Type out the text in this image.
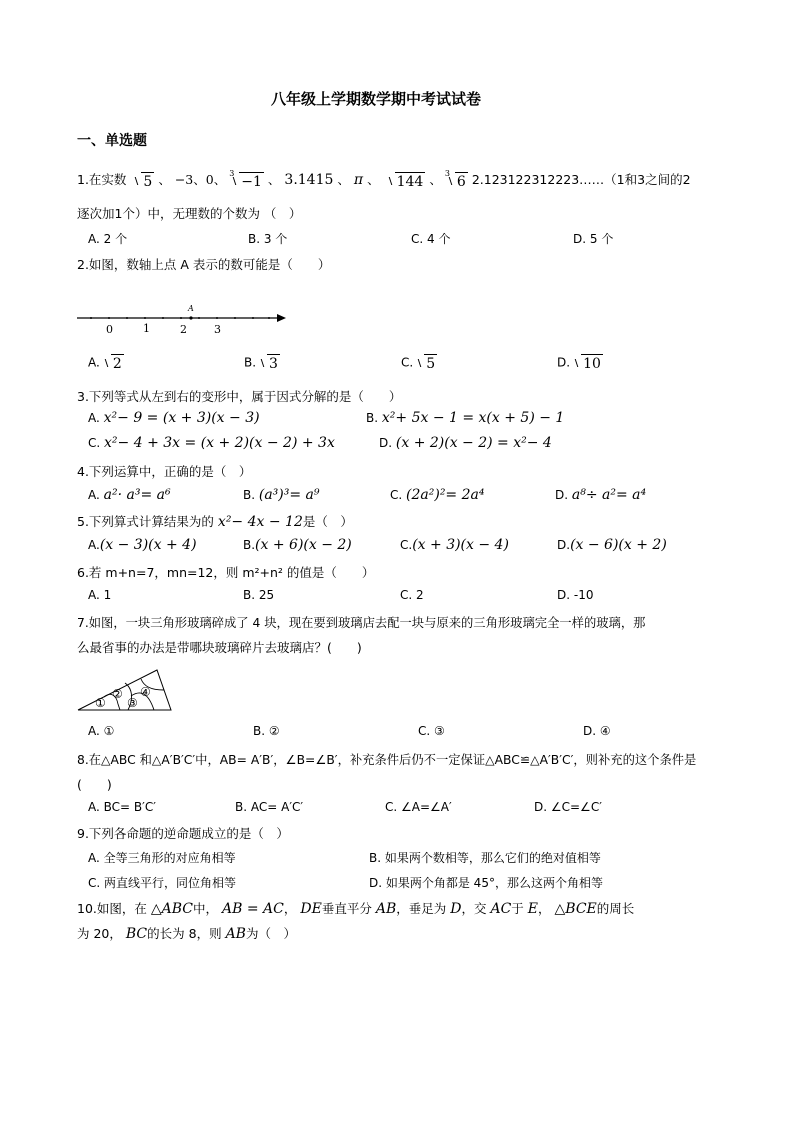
八年级上学期数学期中考试试卷
一、单选题
1.在实数 5 、 −3、0、 $^3$ −1 、 3.1415 、 π 、 144 、 $^3$ 6 2.123122312223……（1和3之间的2
逐次加1个）中，无理数的个数为 （　）
A. 2 个	B. 3 个	C. 4 个	D. 5 个
2.如图，数轴上点 A 表示的数可能是（　　）
0	1	2 3
A
A. 2	B. 3	C. 5	D. 10
3.下列等式从左到右的变形中，属于因式分解的是（　　）
A. x²− 9 = (x + 3)(x − 3)	B. x²+ 5x − 1 = x(x + 5) − 1
C. x²− 4 + 3x = (x + 2)(x − 2) + 3x	D. (x + 2)(x − 2) = x²− 4
4.下列运算中，正确的是（　）
A. a²· a³= a⁶	B. (a³)³= a⁹	C. (2a²)²= 2a⁴	D. a⁸÷ a²= a⁴
5.下列算式计算结果为的 x²− 4x − 12是（　）
A.(x − 3)(x + 4)	B.(x + 6)(x − 2)	C.(x + 3)(x − 4)	D.(x − 6)(x + 2)
6.若 m+n=7，mn=12，则 m²+n² 的值是（　　）
A. 1	B. 25	C. 2	D. -10
7.如图，一块三角形玻璃碎成了 4 块，现在要到玻璃店去配一块与原来的三角形玻璃完全一样的玻璃，那
么最省事的办法是带哪块玻璃碎片去玻璃店？(　　)
①
②
③
④
A. ①	B. ②	C. ③	D. ④
8.在△ABC 和△A′B′C′中，AB= A′B′，∠B=∠B′，补充条件后仍不一定保证△ABC≌△A′B′C′，则补充的这个条件是
(　　)
A. BC= B′C′	B. AC= A′C′	C. ∠A=∠A′	D. ∠C=∠C′
9.下列各命题的逆命题成立的是（　）
A. 全等三角形的对应角相等	B. 如果两个数相等，那么它们的绝对值相等
C. 两直线平行，同位角相等	D. 如果两个角都是 45°，那么这两个角相等
10.如图，在 △ABC中， AB = AC， DE垂直平分 AB，垂足为 D，交 AC于 E， △BCE的周长
为 20， BC的长为 8，则 AB为（　）
